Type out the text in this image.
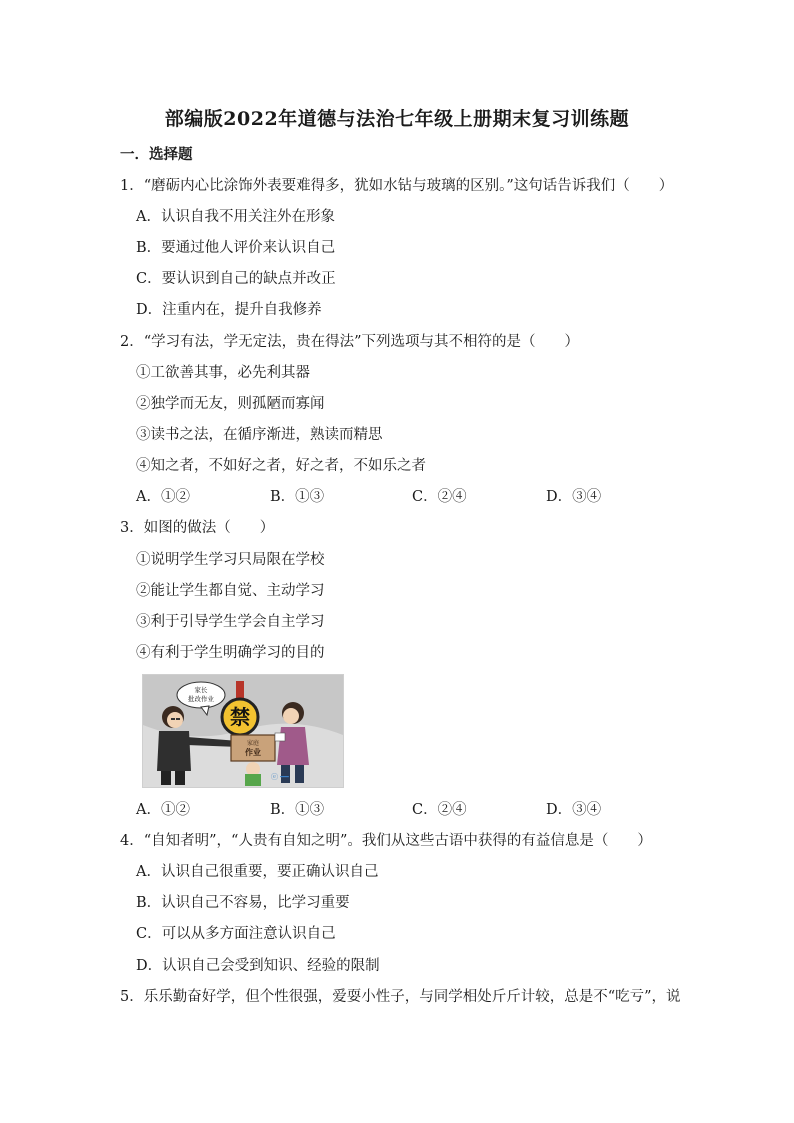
部编版2022年道德与法治七年级上册期末复习训练题
一．选择题
1．“磨砺内心比涂饰外表要难得多，犹如水钻与玻璃的区别。”这句话告诉我们（　　）
A．认识自我不用关注外在形象
B．要通过他人评价来认识自己
C．要认识到自己的缺点并改正
D．注重内在，提升自我修养
2．“学习有法，学无定法，贵在得法”下列选项与其不相符的是（　　）
①工欲善其事，必先利其器
②独学而无友，则孤陋而寡闻
③读书之法，在循序渐进，熟读而精思
④知之者，不如好之者，好之者，不如乐之者
A．①②	B．①③	C．②④	D．③④
3．如图的做法（　　）
①说明学生学习只局限在学校
②能让学生都自觉、主动学习
③利于引导学生学会自主学习
④有利于学生明确学习的目的
禁
家长
批改作业
家庭
作业
ⓔ ━━
A．①②	B．①③	C．②④	D．③④
4．“自知者明”，“人贵有自知之明”。我们从这些古语中获得的有益信息是（　　）
A．认识自己很重要，要正确认识自己
B．认识自己不容易，比学习重要
C．可以从多方面注意认识自己
D．认识自己会受到知识、经验的限制
5．乐乐勤奋好学，但个性很强，爱耍小性子，与同学相处斤斤计较，总是不“吃亏”，说
